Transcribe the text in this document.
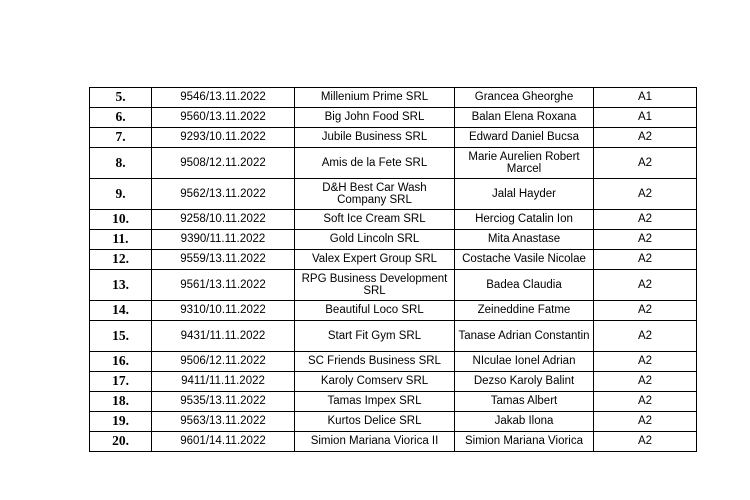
5.	9546/13.11.2022	Millenium Prime SRL	Grancea Gheorghe	A1
6.	9560/13.11.2022	Big John Food SRL	Balan Elena Roxana	A1
7.	9293/10.11.2022	Jubile Business SRL	Edward Daniel Bucsa	A2
8.	9508/12.11.2022	Amis de la Fete SRL	Marie Aurelien Robert Marcel	A2
9.	9562/13.11.2022	D&H Best Car Wash Company SRL	Jalal Hayder	A2
10.	9258/10.11.2022	Soft Ice Cream SRL	Herciog Catalin Ion	A2
11.	9390/11.11.2022	Gold Lincoln SRL	Mita Anastase	A2
12.	9559/13.11.2022	Valex Expert Group SRL	Costache Vasile Nicolae	A2
13.	9561/13.11.2022	RPG Business Development SRL	Badea Claudia	A2
14.	9310/10.11.2022	Beautiful Loco SRL	Zeineddine Fatme	A2
15.	9431/11.11.2022	Start Fit Gym SRL	Tanase Adrian Constantin	A2
16.	9506/12.11.2022	SC Friends Business SRL	NIculae Ionel Adrian	A2
17.	9411/11.11.2022	Karoly Comserv SRL	Dezso Karoly Balint	A2
18.	9535/13.11.2022	Tamas Impex SRL	Tamas Albert	A2
19.	9563/13.11.2022	Kurtos Delice SRL	Jakab Ilona	A2
20.	9601/14.11.2022	Simion Mariana Viorica II	Simion Mariana Viorica	A2
